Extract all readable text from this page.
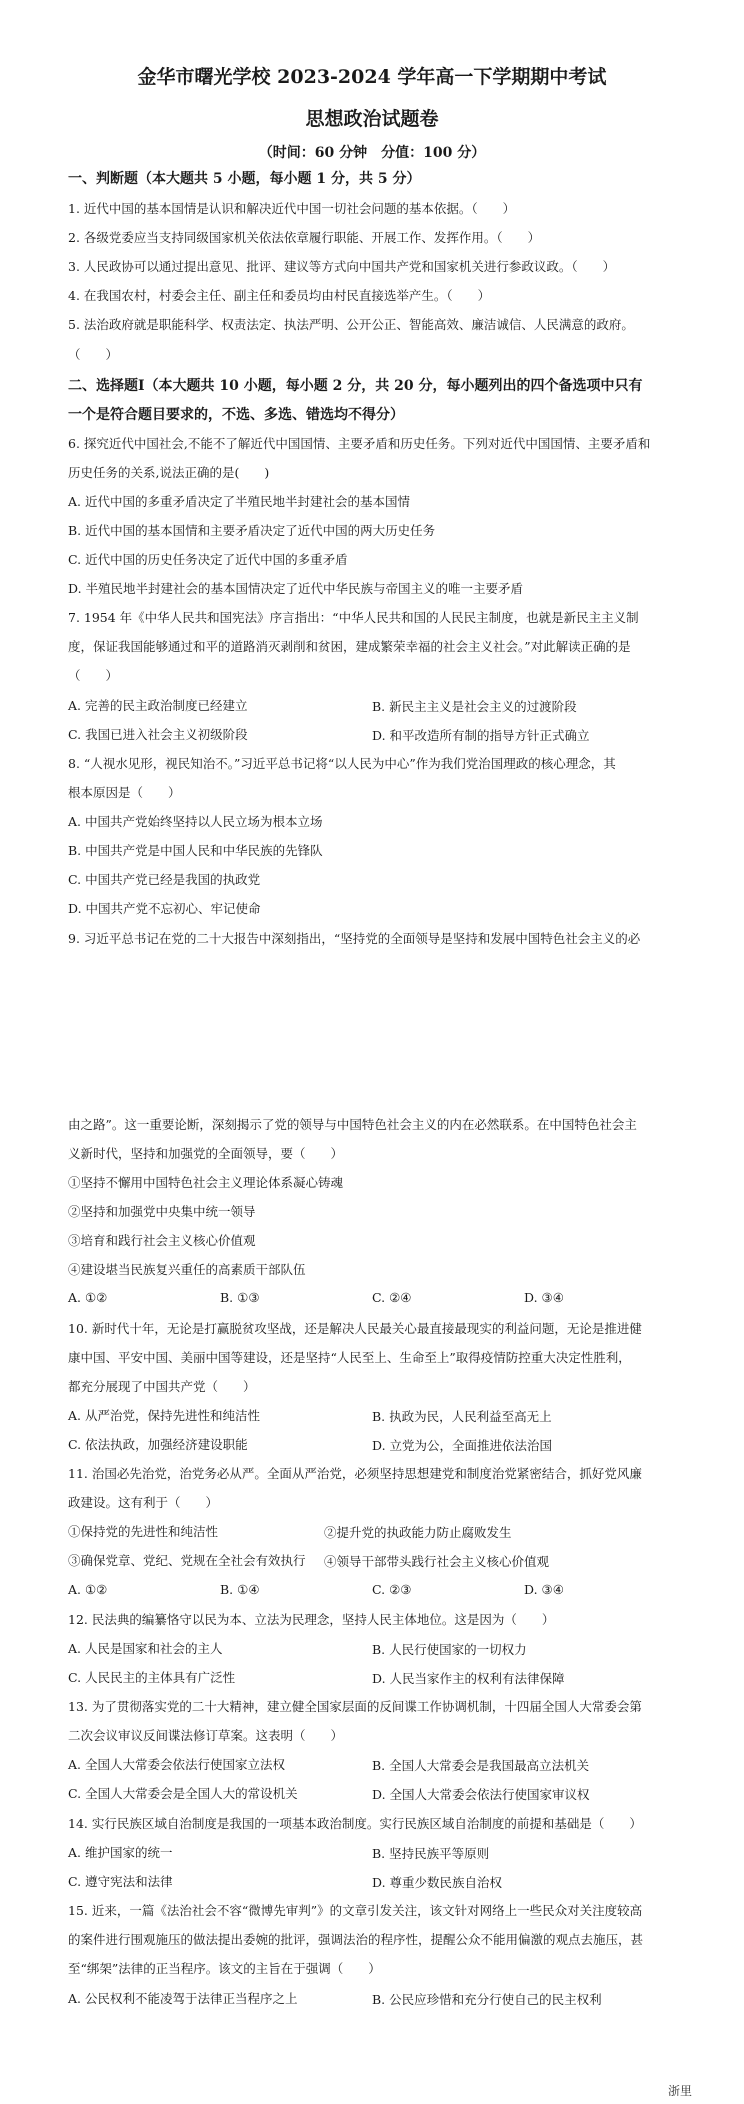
金华市曙光学校 2023-2024 学年高一下学期期中考试
思想政治试题卷
（时间：60 分钟　分值：100 分）
一、判断题（本大题共 5 小题，每小题 1 分，共 5 分）
1. 近代中国的基本国情是认识和解决近代中国一切社会问题的基本依据。（　　）
2. 各级党委应当支持同级国家机关依法依章履行职能、开展工作、发挥作用。（　　）
3. 人民政协可以通过提出意见、批评、建议等方式向中国共产党和国家机关进行参政议政。（　　）
4. 在我国农村，村委会主任、副主任和委员均由村民直接选举产生。（　　）
5. 法治政府就是职能科学、权责法定、执法严明、公开公正、智能高效、廉洁诚信、人民满意的政府。
（　　）
二、选择题Ⅰ（本大题共 10 小题，每小题 2 分，共 20 分，每小题列出的四个备选项中只有
一个是符合题目要求的，不选、多选、错选均不得分）
6. 探究近代中国社会,不能不了解近代中国国情、主要矛盾和历史任务。下列对近代中国国情、主要矛盾和
历史任务的关系,说法正确的是(　　)
A. 近代中国的多重矛盾决定了半殖民地半封建社会的基本国情
B. 近代中国的基本国情和主要矛盾决定了近代中国的两大历史任务
C. 近代中国的历史任务决定了近代中国的多重矛盾
D. 半殖民地半封建社会的基本国情决定了近代中华民族与帝国主义的唯一主要矛盾
7. 1954 年《中华人民共和国宪法》序言指出：“中华人民共和国的人民民主制度，也就是新民主主义制
度，保证我国能够通过和平的道路消灭剥削和贫困，建成繁荣幸福的社会主义社会。”对此解读正确的是
（　　）
A. 完善的民主政治制度已经建立	B. 新民主主义是社会主义的过渡阶段
C. 我国已进入社会主义初级阶段	D. 和平改造所有制的指导方针正式确立
8. “人视水见形，视民知治不。”习近平总书记将“以人民为中心”作为我们党治国理政的核心理念，其
根本原因是（　　）
A. 中国共产党始终坚持以人民立场为根本立场
B. 中国共产党是中国人民和中华民族的先锋队
C. 中国共产党已经是我国的执政党
D. 中国共产党不忘初心、牢记使命
9. 习近平总书记在党的二十大报告中深刻指出，“坚持党的全面领导是坚持和发展中国特色社会主义的必
由之路”。这一重要论断，深刻揭示了党的领导与中国特色社会主义的内在必然联系。在中国特色社会主
义新时代，坚持和加强党的全面领导，要（　　）
①坚持不懈用中国特色社会主义理论体系凝心铸魂
②坚持和加强党中央集中统一领导
③培育和践行社会主义核心价值观
④建设堪当民族复兴重任的高素质干部队伍
A. ①②	B. ①③	C. ②④	D. ③④
10. 新时代十年，无论是打赢脱贫攻坚战，还是解决人民最关心最直接最现实的利益问题，无论是推进健
康中国、平安中国、美丽中国等建设，还是坚持“人民至上、生命至上”取得疫情防控重大决定性胜利，
都充分展现了中国共产党（　　）
A. 从严治党，保持先进性和纯洁性	B. 执政为民，人民利益至高无上
C. 依法执政，加强经济建设职能	D. 立党为公，全面推进依法治国
11. 治国必先治党，治党务必从严。全面从严治党，必须坚持思想建党和制度治党紧密结合，抓好党风廉
政建设。这有利于（　　）
①保持党的先进性和纯洁性	②提升党的执政能力防止腐败发生
③确保党章、党纪、党规在全社会有效执行 ④领导干部带头践行社会主义核心价值观
A. ①②	B. ①④	C. ②③	D. ③④
12. 民法典的编纂恪守以民为本、立法为民理念，坚持人民主体地位。这是因为（　　）
A. 人民是国家和社会的主人	B. 人民行使国家的一切权力
C. 人民民主的主体具有广泛性	D. 人民当家作主的权利有法律保障
13. 为了贯彻落实党的二十大精神，建立健全国家层面的反间谍工作协调机制，十四届全国人大常委会第
二次会议审议反间谍法修订草案。这表明（　　）
A. 全国人大常委会依法行使国家立法权	B. 全国人大常委会是我国最高立法机关
C. 全国人大常委会是全国人大的常设机关	D. 全国人大常委会依法行使国家审议权
14. 实行民族区域自治制度是我国的一项基本政治制度。实行民族区域自治制度的前提和基础是（　　）
A. 维护国家的统一	B. 坚持民族平等原则
C. 遵守宪法和法律	D. 尊重少数民族自治权
15. 近来，一篇《法治社会不容“微博先审判”》的文章引发关注，该文针对网络上一些民众对关注度较高
的案件进行围观施压的做法提出委婉的批评，强调法治的程序性，提醒公众不能用偏激的观点去施压，甚
至“绑架”法律的正当程序。该文的主旨在于强调（　　）
A. 公民权利不能凌驾于法律正当程序之上	B. 公民应珍惜和充分行使自己的民主权利
浙里
